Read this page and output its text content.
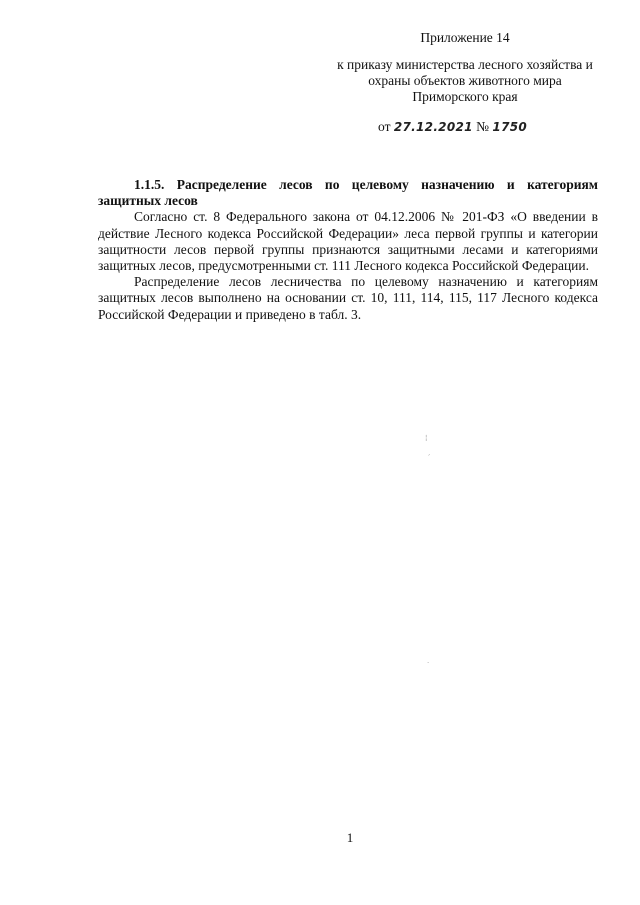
Приложение 14
к приказу министерства лесного хозяйства и
охраны объектов животного мира
Приморского края
от 27.12.2021 № 1750

1.1.5. Распределение лесов по целевому назначению и категориям защитных лесов

Согласно ст. 8 Федерального закона от 04.12.2006 № 201-ФЗ «О введении в действие Лесного кодекса Российской Федерации» леса первой группы и категории защитности лесов первой группы признаются защитными лесами и категориями защитных лесов, предусмотренными ст. 111 Лесного кодекса Российской Федерации.

Распределение лесов лесничества по целевому назначению и категориям защитных лесов выполнено на основании ст. 10, 111, 114, 115, 117 Лесного кодекса Российской Федерации и приведено в табл. 3.

¦
´
·
1
